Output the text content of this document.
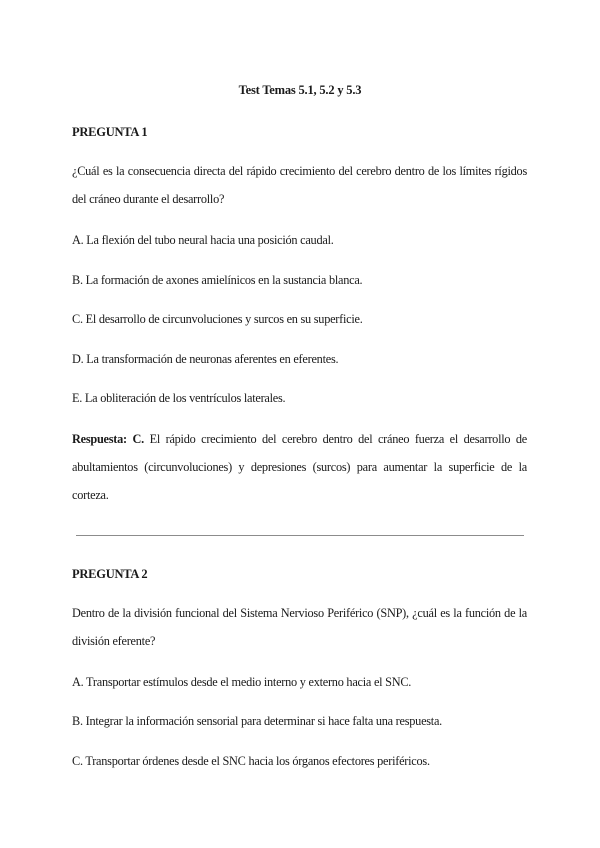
Test Temas 5.1, 5.2 y 5.3
PREGUNTA 1
¿Cuál es la consecuencia directa del rápido crecimiento del cerebro dentro de los límites rígidos del cráneo durante el desarrollo?
A. La flexión del tubo neural hacia una posición caudal.
B. La formación de axones amielínicos en la sustancia blanca.
C. El desarrollo de circunvoluciones y surcos en su superficie.
D. La transformación de neuronas aferentes en eferentes.
E. La obliteración de los ventrículos laterales.
Respuesta: C. El rápido crecimiento del cerebro dentro del cráneo fuerza el desarrollo de abultamientos (circunvoluciones) y depresiones (surcos) para aumentar la superficie de la corteza.
PREGUNTA 2
Dentro de la división funcional del Sistema Nervioso Periférico (SNP), ¿cuál es la función de la división eferente?
A. Transportar estímulos desde el medio interno y externo hacia el SNC.
B. Integrar la información sensorial para determinar si hace falta una respuesta.
C. Transportar órdenes desde el SNC hacia los órganos efectores periféricos.
